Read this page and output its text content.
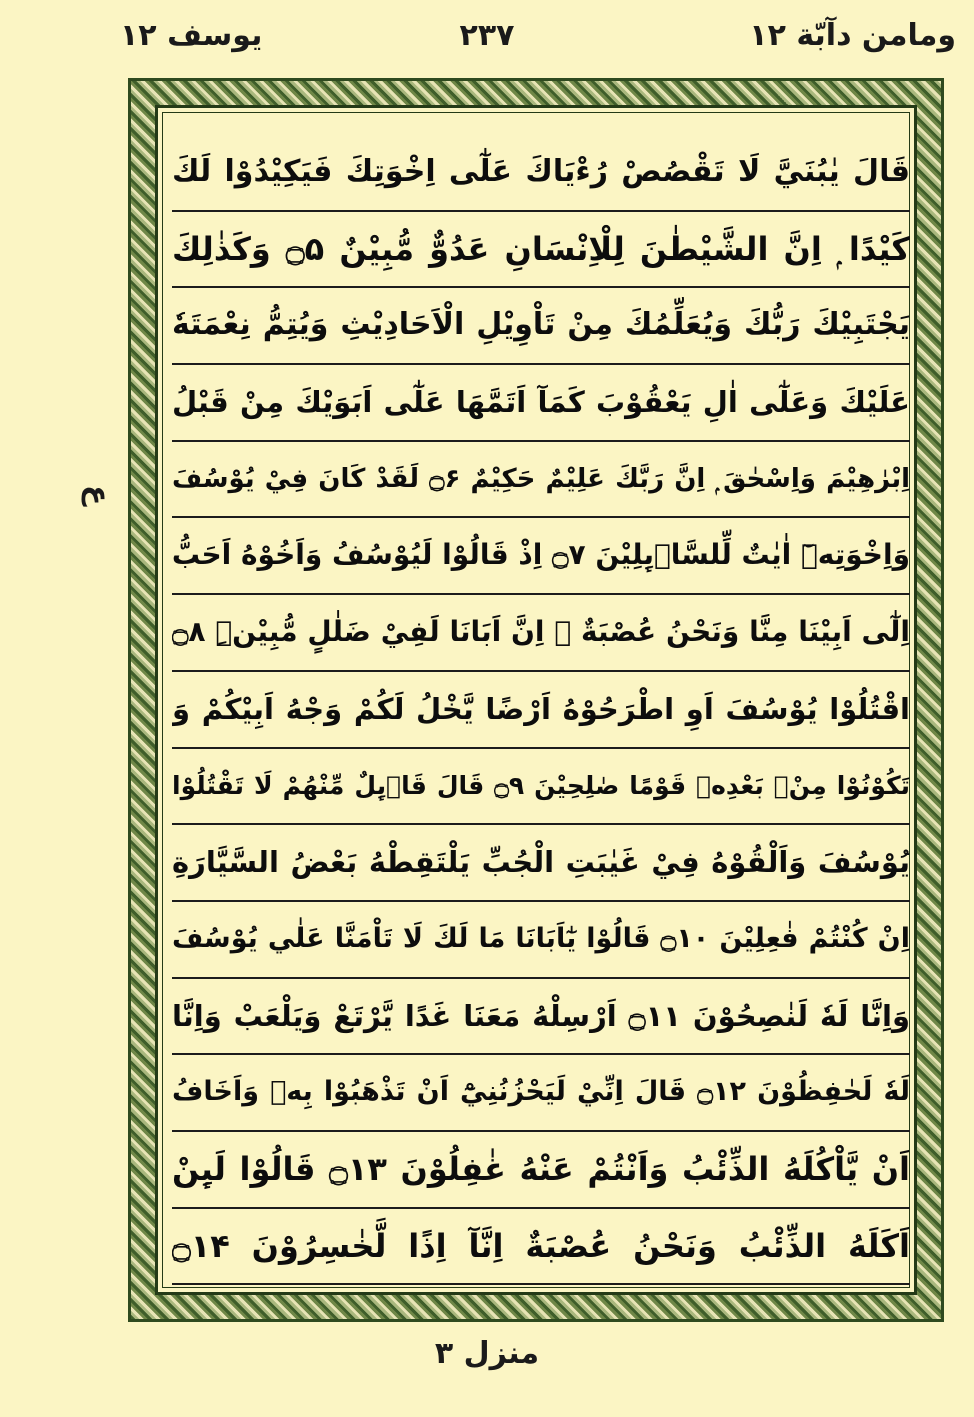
ومامن دآبّة ۱۲
۲۳۷
یوسف ۱۲
ع
قَالَ يٰبُنَيَّ لَا تَقْصُصْ رُءْيَاكَ عَلٰٓى اِخْوَتِكَ فَيَكِيْدُوْا لَكَ
كَيْدًا ۭ اِنَّ الشَّيْطٰنَ لِلْاِنْسَانِ عَدُوٌّ مُّبِيْنٌ ۝۵ وَكَذٰلِكَ
يَجْتَبِيْكَ رَبُّكَ وَيُعَلِّمُكَ مِنْ تَاْوِيْلِ الْاَحَادِيْثِ وَيُتِمُّ نِعْمَتَهٗ
عَلَيْكَ وَعَلٰٓى اٰلِ يَعْقُوْبَ كَمَآ اَتَمَّهَا عَلٰٓى اَبَوَيْكَ مِنْ قَبْلُ
اِبْرٰهِيْمَ وَاِسْحٰقَ ۭ اِنَّ رَبَّكَ عَلِيْمٌ حَكِيْمٌ ۝۶ لَقَدْ كَانَ فِيْ يُوْسُفَ
وَاِخْوَتِهٖٓ اٰيٰتٌ لِّلسَّاۗىِٕلِيْنَ ۝۷ اِذْ قَالُوْا لَيُوْسُفُ وَاَخُوْهُ اَحَبُّ
اِلٰٓى اَبِيْنَا مِنَّا وَنَحْنُ عُصْبَةٌ ۭ اِنَّ اَبَانَا لَفِيْ ضَلٰلٍ مُّبِيْنِۨ ۝۸
اقْتُلُوْا يُوْسُفَ اَوِ اطْرَحُوْهُ اَرْضًا يَّخْلُ لَكُمْ وَجْهُ اَبِيْكُمْ وَ
تَكُوْنُوْا مِنْۢ بَعْدِهٖ قَوْمًا صٰلِحِيْنَ ۝۹ قَالَ قَاۗىِٕلٌ مِّنْهُمْ لَا تَقْتُلُوْا
يُوْسُفَ وَاَلْقُوْهُ فِيْ غَيٰبَتِ الْجُبِّ يَلْتَقِطْهُ بَعْضُ السَّيَّارَةِ
اِنْ كُنْتُمْ فٰعِلِيْنَ ۝۱۰ قَالُوْا يٰٓاَبَانَا مَا لَكَ لَا تَاْمَنَّا عَلٰي يُوْسُفَ
وَاِنَّا لَهٗ لَنٰصِحُوْنَ ۝۱۱ اَرْسِلْهُ مَعَنَا غَدًا يَّرْتَعْ وَيَلْعَبْ وَاِنَّا
لَهٗ لَحٰفِظُوْنَ ۝۱۲ قَالَ اِنِّيْ لَيَحْزُنُنِيْٓ اَنْ تَذْهَبُوْا بِهٖ وَاَخَافُ
اَنْ يَّاْكُلَهُ الذِّئْبُ وَاَنْتُمْ عَنْهُ غٰفِلُوْنَ ۝۱۳ قَالُوْا لَىِٕنْ
اَكَلَهُ الذِّئْبُ وَنَحْنُ عُصْبَةٌ اِنَّآ اِذًا لَّخٰسِرُوْنَ ۝۱۴
منزل ۳
